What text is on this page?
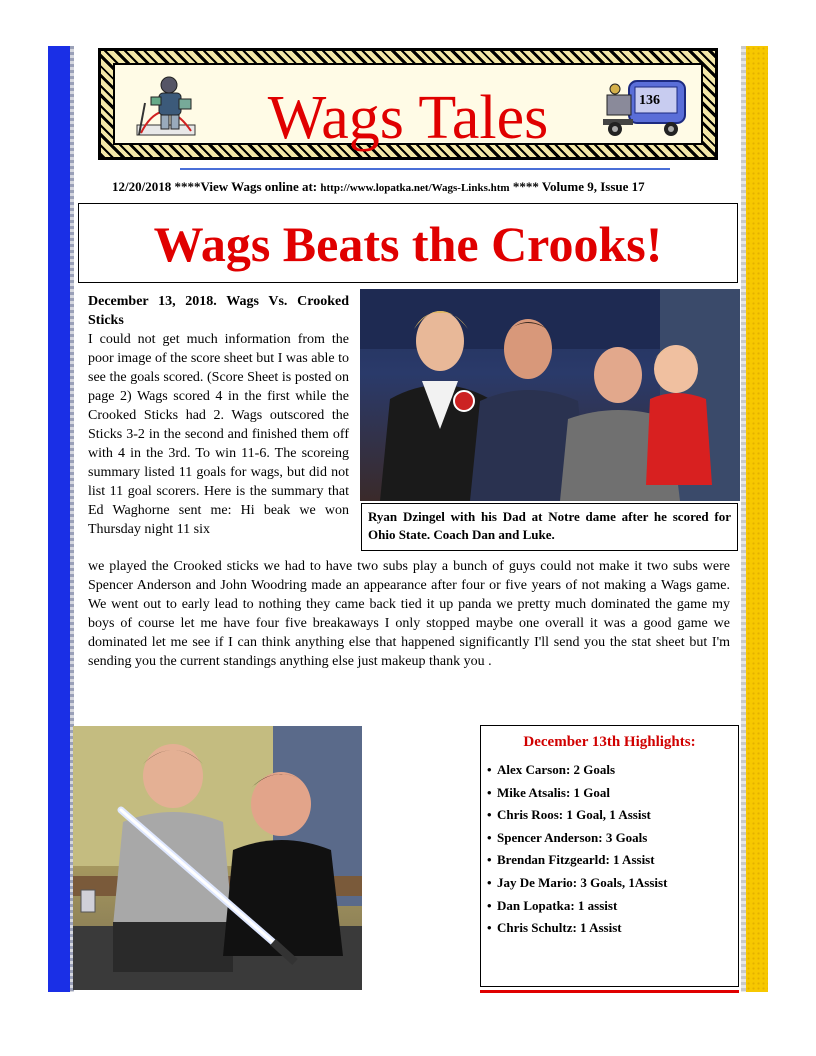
Wags Tales	136
12/20/2018 ****View Wags online at: http://www.lopatka.net/Wags-Links.htm **** Volume 9, Issue 17
Wags Beats the Crooks!
December 13, 2018. Wags Vs. Crooked Sticks
I could not get much information from the poor image of the score sheet but I was able to see the goals scored. (Score Sheet is posted on page 2) Wags scored 4 in the first while the Crooked Sticks had 2. Wags outscored the Sticks 3-2 in the second and finished them off with 4 in the 3rd. To win 11-6. The scoreing summary listed 11 goals for wags, but did not list 11 goal scorers. Here is the summary that Ed Waghorne sent me: Hi beak we won Thursday night 11 six
Ryan Dzingel with his Dad at Notre dame after he scored for Ohio State. Coach Dan and Luke.
we played the Crooked sticks we had to have two subs play a bunch of guys could not make it two subs were Spencer Anderson and John Woodring made an appearance after four or five years of not making a Wags game. We went out to early lead to nothing they came back tied it up panda we pretty much dominated the game my boys of course let me have four five breakaways I only stopped maybe one overall it was a good game we dominated let me see if I can think anything else that happened significantly I'll send you the stat sheet but I'm sending you the current standings anything else just makeup thank you .
December 13th Highlights:
• Alex Carson: 2 Goals
• Mike Atsalis: 1 Goal
• Chris Roos: 1 Goal, 1 Assist
• Spencer Anderson: 3 Goals
• Brendan Fitzgearld: 1 Assist
• Jay De Mario: 3 Goals, 1Assist
• Dan Lopatka: 1 assist
• Chris Schultz: 1 Assist
